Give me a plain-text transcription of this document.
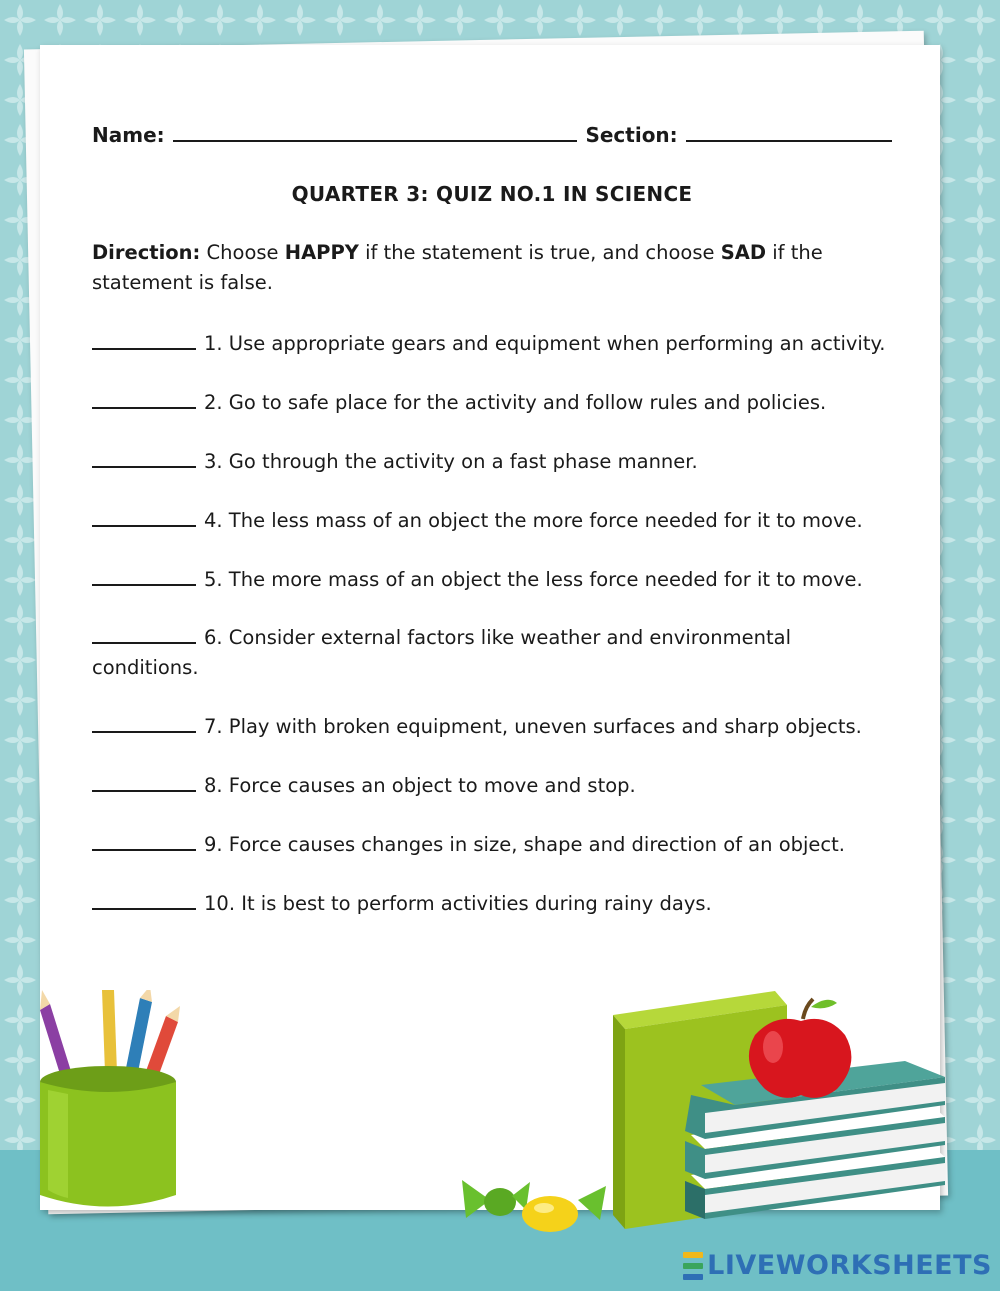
Name:	Section:
QUARTER 3: QUIZ NO.1 IN SCIENCE
Direction: Choose HAPPY if the statement is true, and choose SAD if the statement is false.
1. Use appropriate gears and equipment when performing an activity.
2. Go to safe place for the activity and follow rules and policies.
3. Go through the activity on a fast phase manner.
4. The less mass of an object the more force needed for it to move.
5. The more mass of an object the less force needed for it to move.
6. Consider external factors like weather and environmental conditions.
7. Play with broken equipment, uneven surfaces and sharp objects.
8. Force causes an object to move and stop.
9. Force causes changes in size, shape and direction of an object.
10. It is best to perform activities during rainy days.
LIVEWORKSHEETS
